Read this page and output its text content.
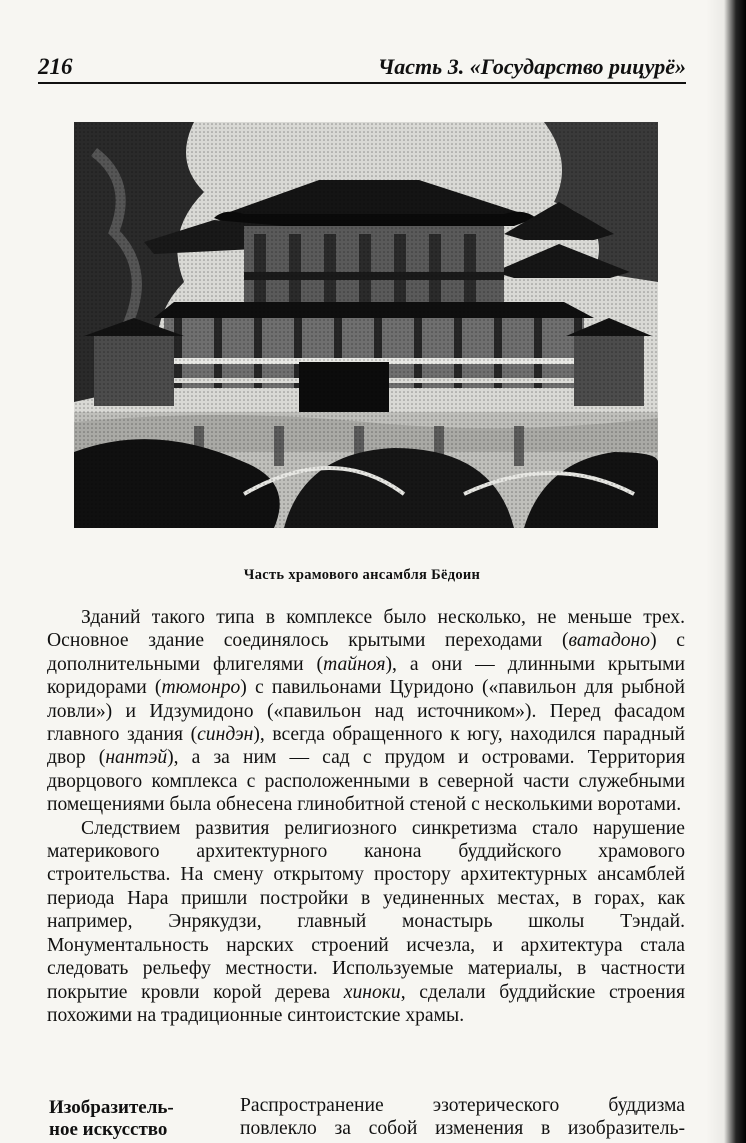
216	Часть 3. «Государство рицурё»
Часть храмового ансамбля Бёдоин

Зданий такого типа в комплексе было несколько, не меньше трех. Основное здание соединялось крытыми переходами (ватадоно) с дополнительными флигелями (тайноя), а они — длинными крытыми коридорами (тюмонро) с павильонами Цуридоно («павильон для рыбной ловли») и Идзумидоно («павильон над источником»). Перед фасадом главного здания (синдэн), всегда обращенного к югу, находился парадный двор (нантэй), а за ним — сад с прудом и островами. Территория дворцового комплекса с расположенными в северной части служебными помещениями была обнесена глинобитной стеной с несколькими воротами.

Следствием развития религиозного синкретизма стало нарушение материкового архитектурного канона буддийского храмового строительства. На смену открытому простору архитектурных ансамблей периода Нара пришли постройки в уединенных местах, в горах, как например, Энрякудзи, главный монастырь школы Тэндай. Монументальность нарских строений исчезла, и архитектура стала следовать рельефу местности. Используемые материалы, в частности покрытие кровли корой дерева хиноки, сделали буддийские строения похожими на традиционные синтоистские храмы.

Изобразитель-
ное искусство
Распространение эзотерического буддизма
повлекло за собой изменения в изобразитель-
